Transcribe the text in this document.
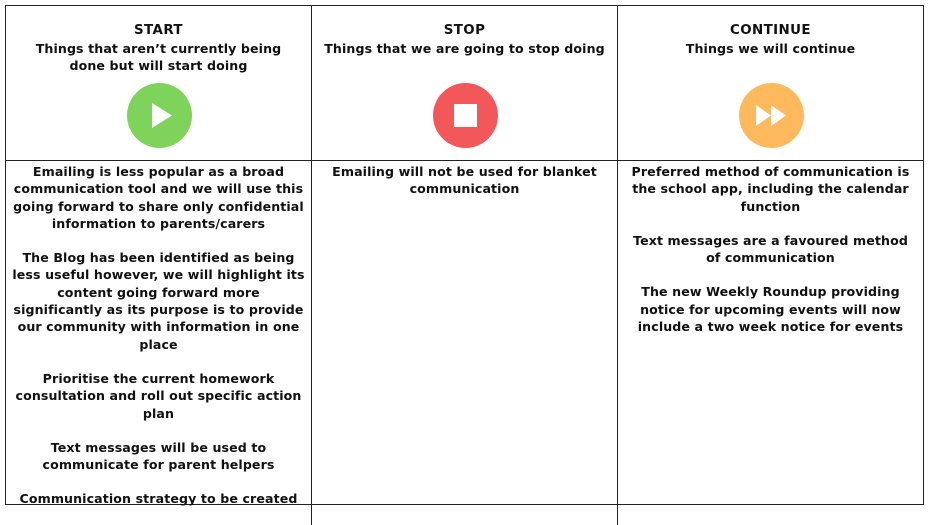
START
Things that aren’t currently being done but will start doing
STOP
Things that we are going to stop doing
CONTINUE
Things we will continue

Emailing is less popular as a broad communication tool and we will use this going forward to share only confidential information to parents/carers

The Blog has been identified as being less useful however, we will highlight its content going forward more significantly as its purpose is to provide our community with information in one place

Prioritise the current homework consultation and roll out specific action plan

Text messages will be used to communicate for parent helpers

Communication strategy to be created

Emailing will not be used for blanket communication

Preferred method of communication is the school app, including the calendar function

Text messages are a favoured method of communication

The new Weekly Roundup providing notice for upcoming events will now include a two week notice for events
